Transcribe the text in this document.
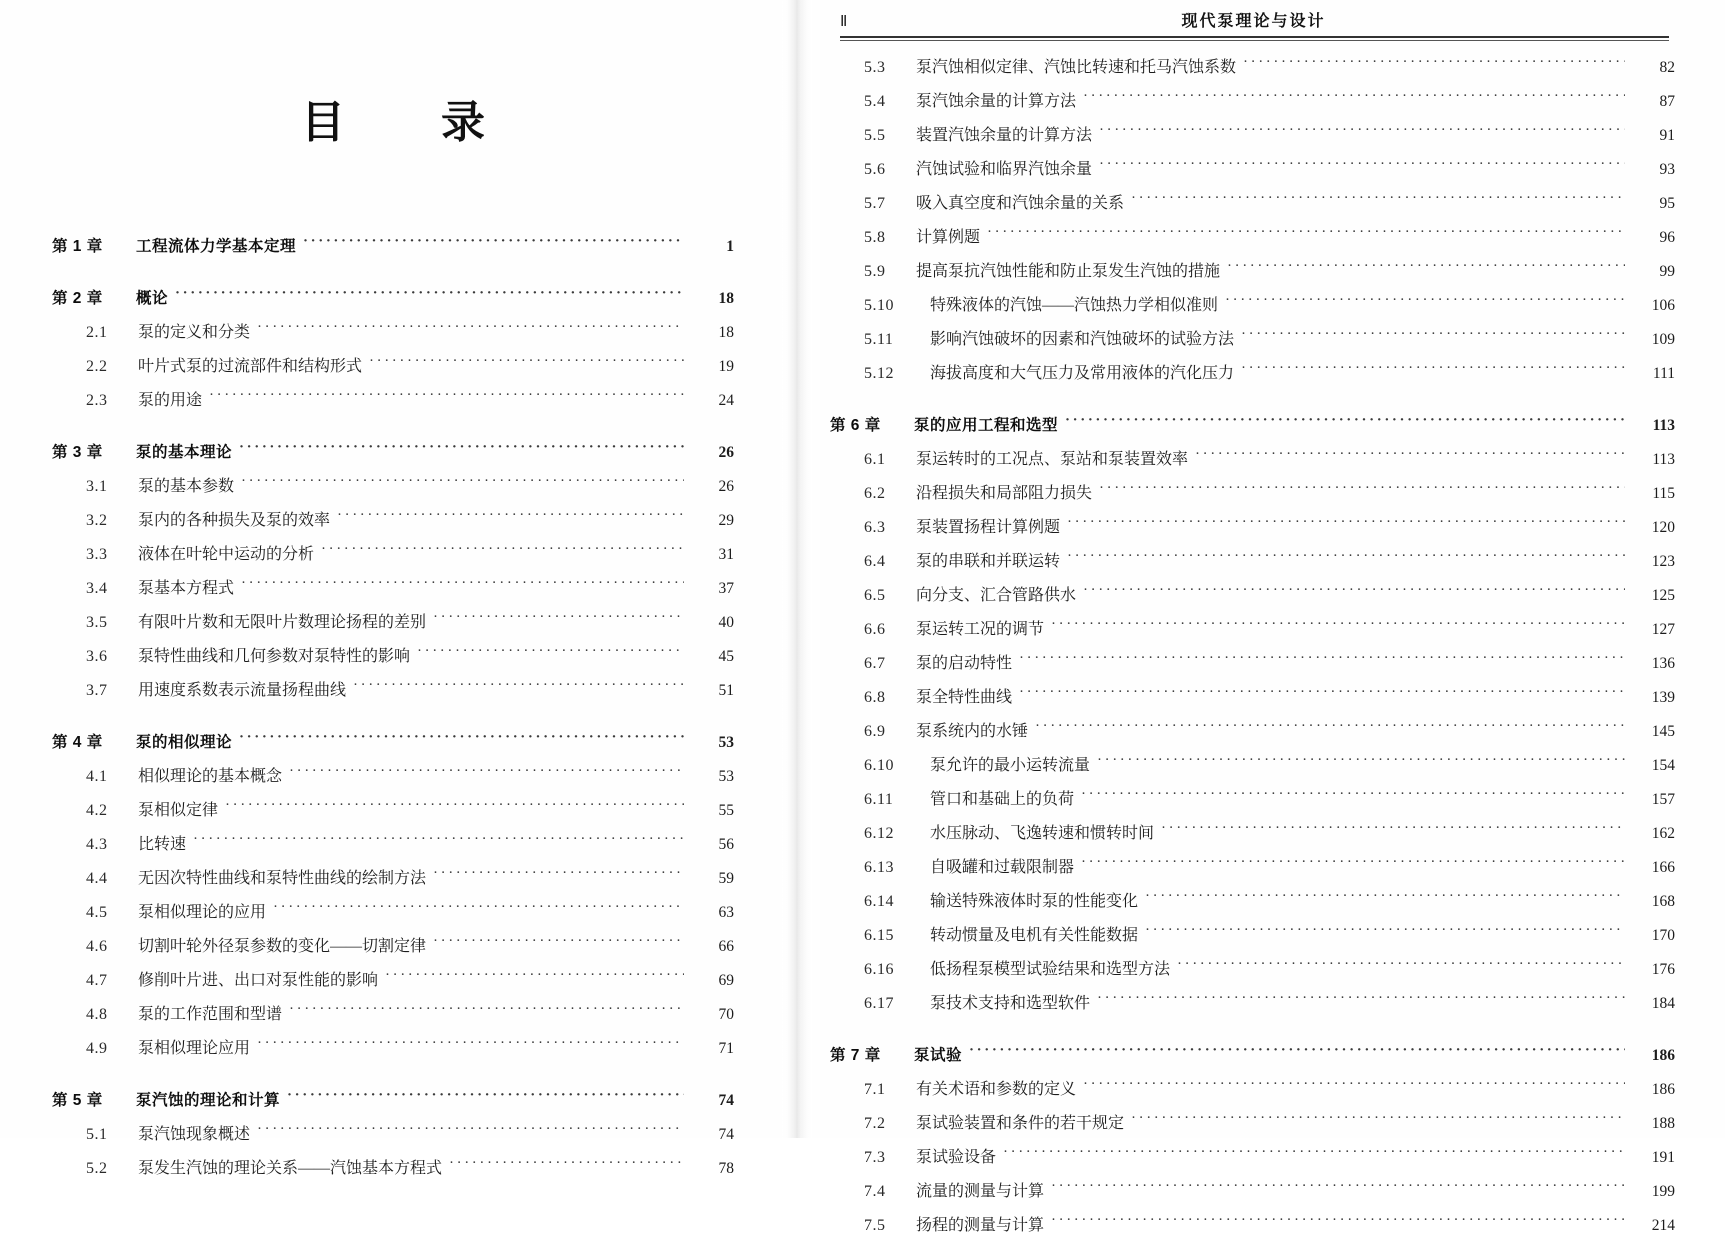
目　录
第 1 章	工程流体力学基本定理 ·····	1
第 2 章	概论 ·····	18
2.1	泵的定义和分类 ·····	18
2.2	叶片式泵的过流部件和结构形式 ·····	19
2.3	泵的用途 ·····	24
第 3 章	泵的基本理论 ·····	26
3.1	泵的基本参数 ·····	26
3.2	泵内的各种损失及泵的效率 ·····	29
3.3	液体在叶轮中运动的分析 ·····	31
3.4	泵基本方程式 ·····	37
3.5	有限叶片数和无限叶片数理论扬程的差别 ·····	40
3.6	泵特性曲线和几何参数对泵特性的影响 ·····	45
3.7	用速度系数表示流量扬程曲线 ·····	51
第 4 章	泵的相似理论 ·····	53
4.1	相似理论的基本概念 ·····	53
4.2	泵相似定律 ·····	55
4.3	比转速 ·····	56
4.4	无因次特性曲线和泵特性曲线的绘制方法 ·····	59
4.5	泵相似理论的应用 ·····	63
4.6	切割叶轮外径泵参数的变化——切割定律 ·····	66
4.7	修削叶片进、出口对泵性能的影响 ·····	69
4.8	泵的工作范围和型谱 ·····	70
4.9	泵相似理论应用 ·····	71
第 5 章	泵汽蚀的理论和计算 ·····	74
5.1	泵汽蚀现象概述 ·····	74
5.2	泵发生汽蚀的理论关系——汽蚀基本方程式 ·····	78
Ⅱ	现代泵理论与设计
5.3	泵汽蚀相似定律、汽蚀比转速和托马汽蚀系数 ·····	82
5.4	泵汽蚀余量的计算方法 ·····	87
5.5	装置汽蚀余量的计算方法 ·····	91
5.6	汽蚀试验和临界汽蚀余量 ·····	93
5.7	吸入真空度和汽蚀余量的关系 ·····	95
5.8	计算例题 ·····	96
5.9	提高泵抗汽蚀性能和防止泵发生汽蚀的措施 ·····	99
5.10	特殊液体的汽蚀——汽蚀热力学相似准则 ·····	106
5.11	影响汽蚀破坏的因素和汽蚀破坏的试验方法 ·····	109
5.12	海拔高度和大气压力及常用液体的汽化压力 ·····	111
第 6 章	泵的应用工程和选型 ·····	113
6.1	泵运转时的工况点、泵站和泵装置效率 ·····	113
6.2	沿程损失和局部阻力损失 ·····	115
6.3	泵装置扬程计算例题 ·····	120
6.4	泵的串联和并联运转 ·····	123
6.5	向分支、汇合管路供水 ·····	125
6.6	泵运转工况的调节 ·····	127
6.7	泵的启动特性 ·····	136
6.8	泵全特性曲线 ·····	139
6.9	泵系统内的水锤 ·····	145
6.10	泵允许的最小运转流量 ·····	154
6.11	管口和基础上的负荷 ·····	157
6.12	水压脉动、飞逸转速和惯转时间 ·····	162
6.13	自吸罐和过载限制器 ·····	166
6.14	输送特殊液体时泵的性能变化 ·····	168
6.15	转动惯量及电机有关性能数据 ·····	170
6.16	低扬程泵模型试验结果和选型方法 ·····	176
6.17	泵技术支持和选型软件 ·····	184
第 7 章	泵试验 ·····	186
7.1	有关术语和参数的定义 ·····	186
7.2	泵试验装置和条件的若干规定 ·····	188
7.3	泵试验设备 ·····	191
7.4	流量的测量与计算 ·····	199
7.5	扬程的测量与计算 ·····	214
